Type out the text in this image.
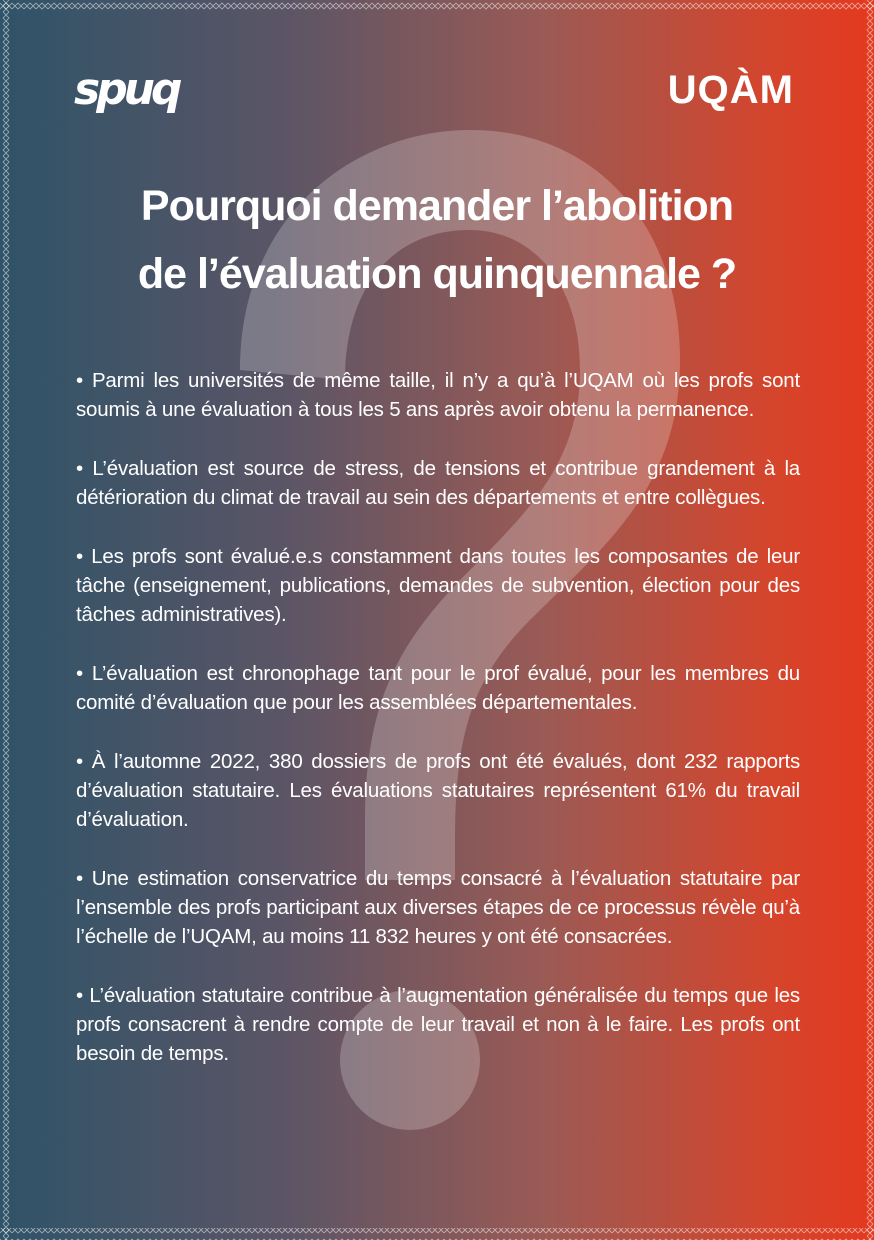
spuq	UQÀM
Pourquoi demander l’abolition
de l’évaluation quinquennale ?
• Parmi les universités de même taille, il n’y a qu’à l’UQAM où les profs sont soumis à une évaluation à tous les 5 ans après avoir obtenu la permanence.
• L’évaluation est source de stress, de tensions et contribue grandement à la détérioration du climat de travail au sein des départements et entre collègues.
• Les profs sont évalué.e.s constamment dans toutes les composantes de leur tâche (enseignement, publications, demandes de subvention, élection pour des tâches administratives).
• L’évaluation est chronophage tant pour le prof évalué, pour les membres du comité d’évaluation que pour les assemblées départementales.
• À l’automne 2022, 380 dossiers de profs ont été évalués, dont 232 rapports d’évaluation statutaire. Les évaluations statutaires représentent 61% du travail d’évaluation.
• Une estimation conservatrice du temps consacré à l’évaluation statutaire par l’ensemble des profs participant aux diverses étapes de ce processus révèle qu’à l’échelle de l’UQAM, au moins 11 832 heures y ont été consacrées.
• L’évaluation statutaire contribue à l’augmentation généralisée du temps que les profs consacrent à rendre compte de leur travail et non à le faire. Les profs ont besoin de temps.
